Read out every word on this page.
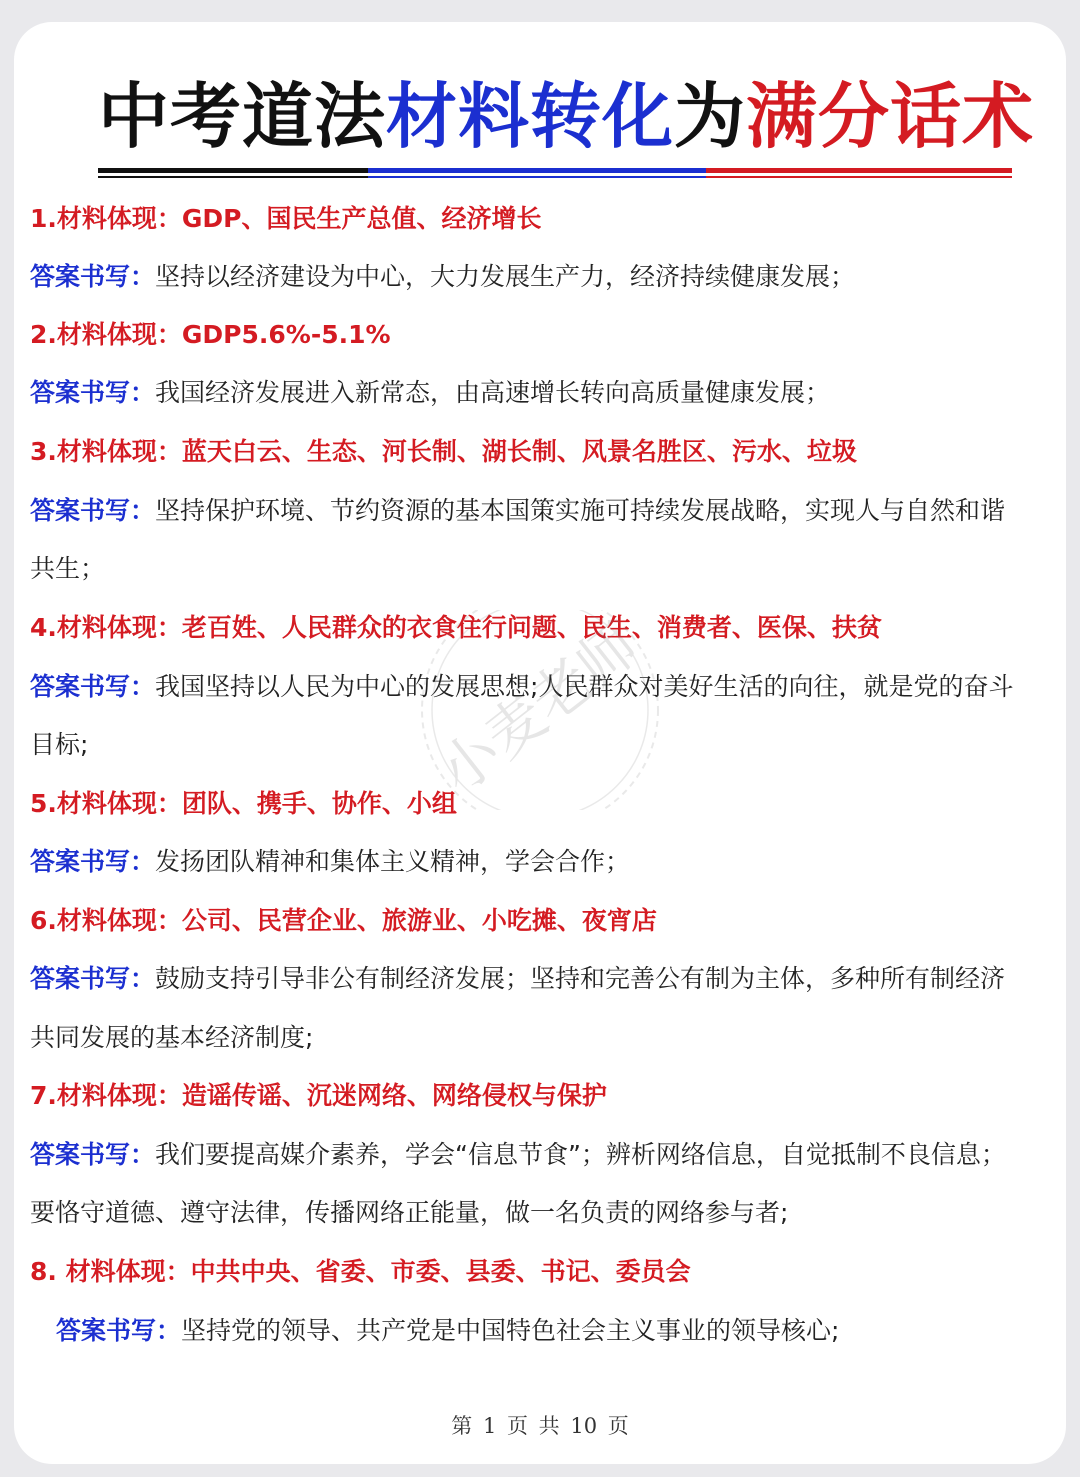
中考道法材料转化为满分话术

1.材料体现：GDP、国民生产总值、经济增长

答案书写：坚持以经济建设为中心，大力发展生产力，经济持续健康发展；

2.材料体现：GDP5.6%-5.1%

答案书写：我国经济发展进入新常态，由高速增长转向高质量健康发展；

3.材料体现：蓝天白云、生态、河长制、湖长制、风景名胜区、污水、垃圾

答案书写：坚持保护环境、节约资源的基本国策实施可持续发展战略，实现人与自然和谐

共生；

4.材料体现：老百姓、人民群众的衣食住行问题、民生、消费者、医保、扶贫

答案书写：我国坚持以人民为中心的发展思想;人民群众对美好生活的向往，就是党的奋斗

目标;

5.材料体现：团队、携手、协作、小组

答案书写：发扬团队精神和集体主义精神，学会合作；

6.材料体现：公司、民营企业、旅游业、小吃摊、夜宵店

答案书写：鼓励支持引导非公有制经济发展；坚持和完善公有制为主体，多种所有制经济

共同发展的基本经济制度;

7.材料体现：造谣传谣、沉迷网络、网络侵权与保护

答案书写：我们要提高媒介素养，学会“信息节食”；辨析网络信息，自觉抵制不良信息；

要恪守道德、遵守法律，传播网络正能量，做一名负责的网络参与者;

8. 材料体现：中共中央、省委、市委、县委、书记、委员会

答案书写：坚持党的领导、共产党是中国特色社会主义事业的领导核心;

第 1 页 共 10 页
